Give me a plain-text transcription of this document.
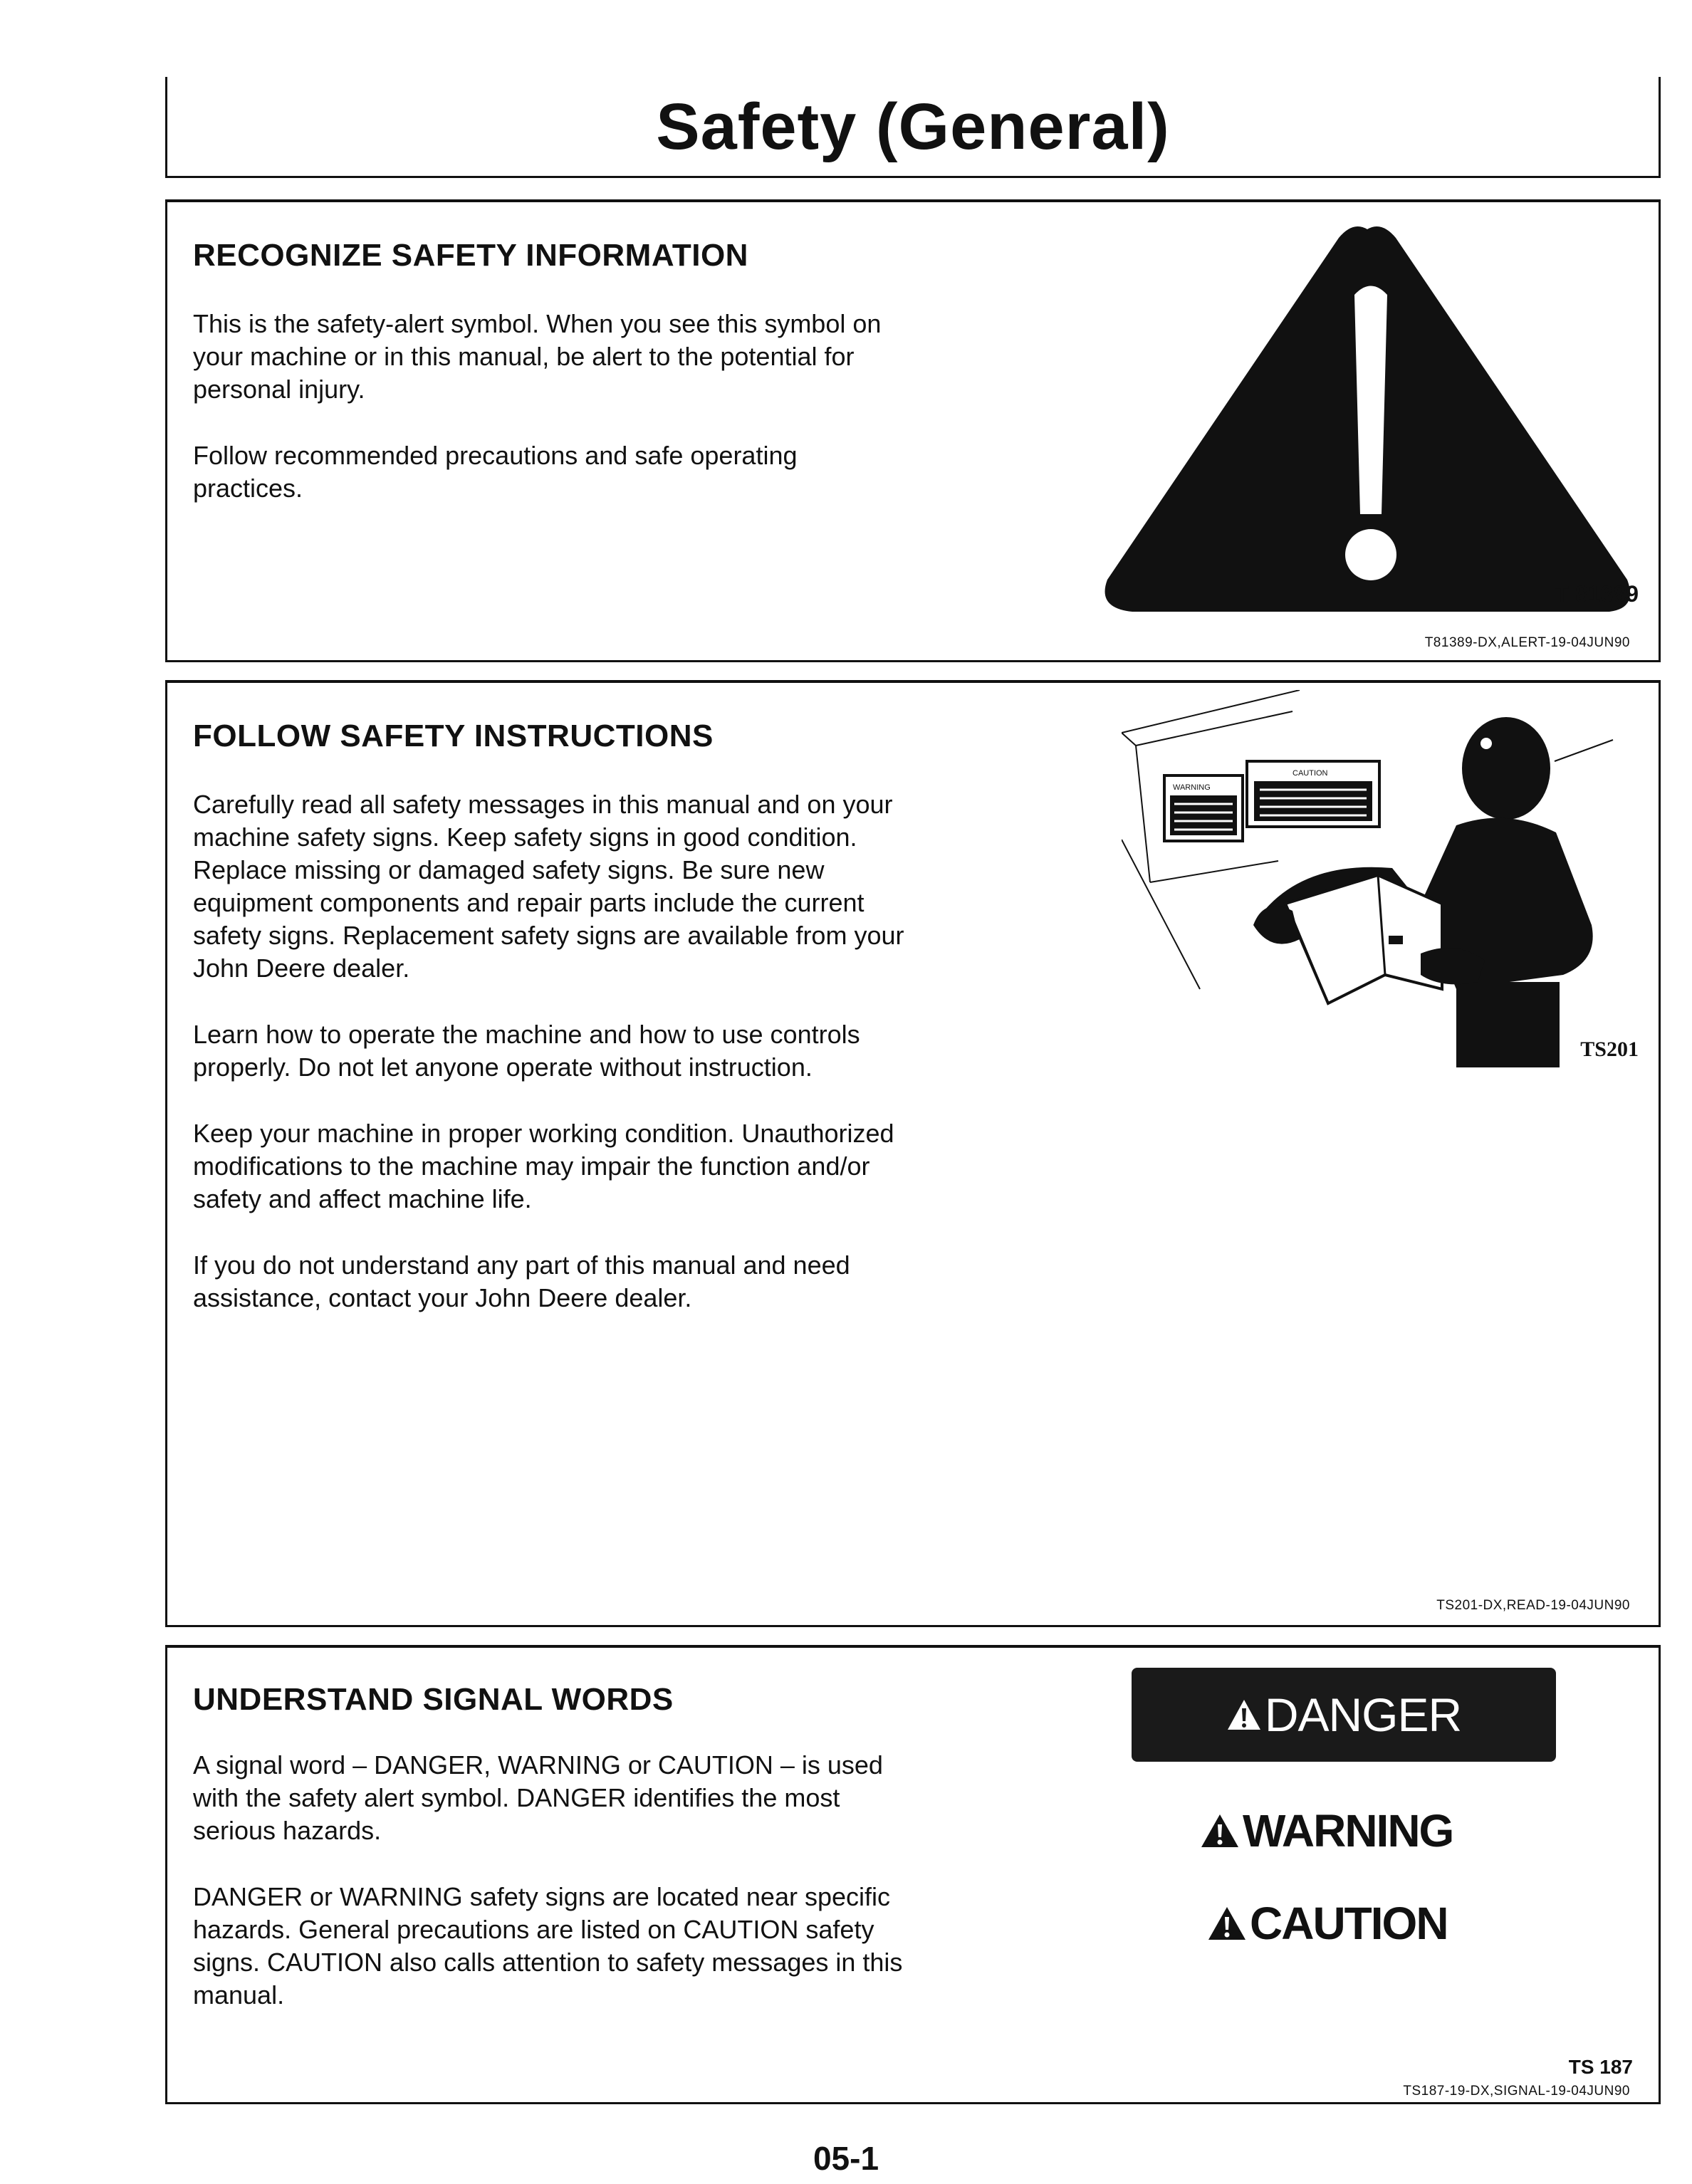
Safety (General)
RECOGNIZE SAFETY INFORMATION

This is the safety-alert symbol. When you see this symbol on your machine or in this manual, be alert to the potential for personal injury.

Follow recommended precautions and safe operating practices.

T 81389
T81389-DX,ALERT-19-04JUN90
FOLLOW SAFETY INSTRUCTIONS

Carefully read all safety messages in this manual and on your machine safety signs. Keep safety signs in good condition. Replace missing or damaged safety signs. Be sure new equipment components and repair parts include the current safety signs. Replacement safety signs are available from your John Deere dealer.

Learn how to operate the machine and how to use controls properly. Do not let anyone operate without instruction.

Keep your machine in proper working condition. Unauthorized modifications to the machine may impair the function and/or safety and affect machine life.

If you do not understand any part of this manual and need assistance, contact your John Deere dealer.

WARNING
CAUTION
TS201
TS201-DX,READ-19-04JUN90
UNDERSTAND SIGNAL WORDS

A signal word – DANGER, WARNING or CAUTION – is used with the safety alert symbol. DANGER identifies the most serious hazards.

DANGER or WARNING safety signs are located near specific hazards. General precautions are listed on CAUTION safety signs. CAUTION also calls attention to safety messages in this manual.

DANGER
WARNING
CAUTION
TS 187
TS187-19-DX,SIGNAL-19-04JUN90
05-1
